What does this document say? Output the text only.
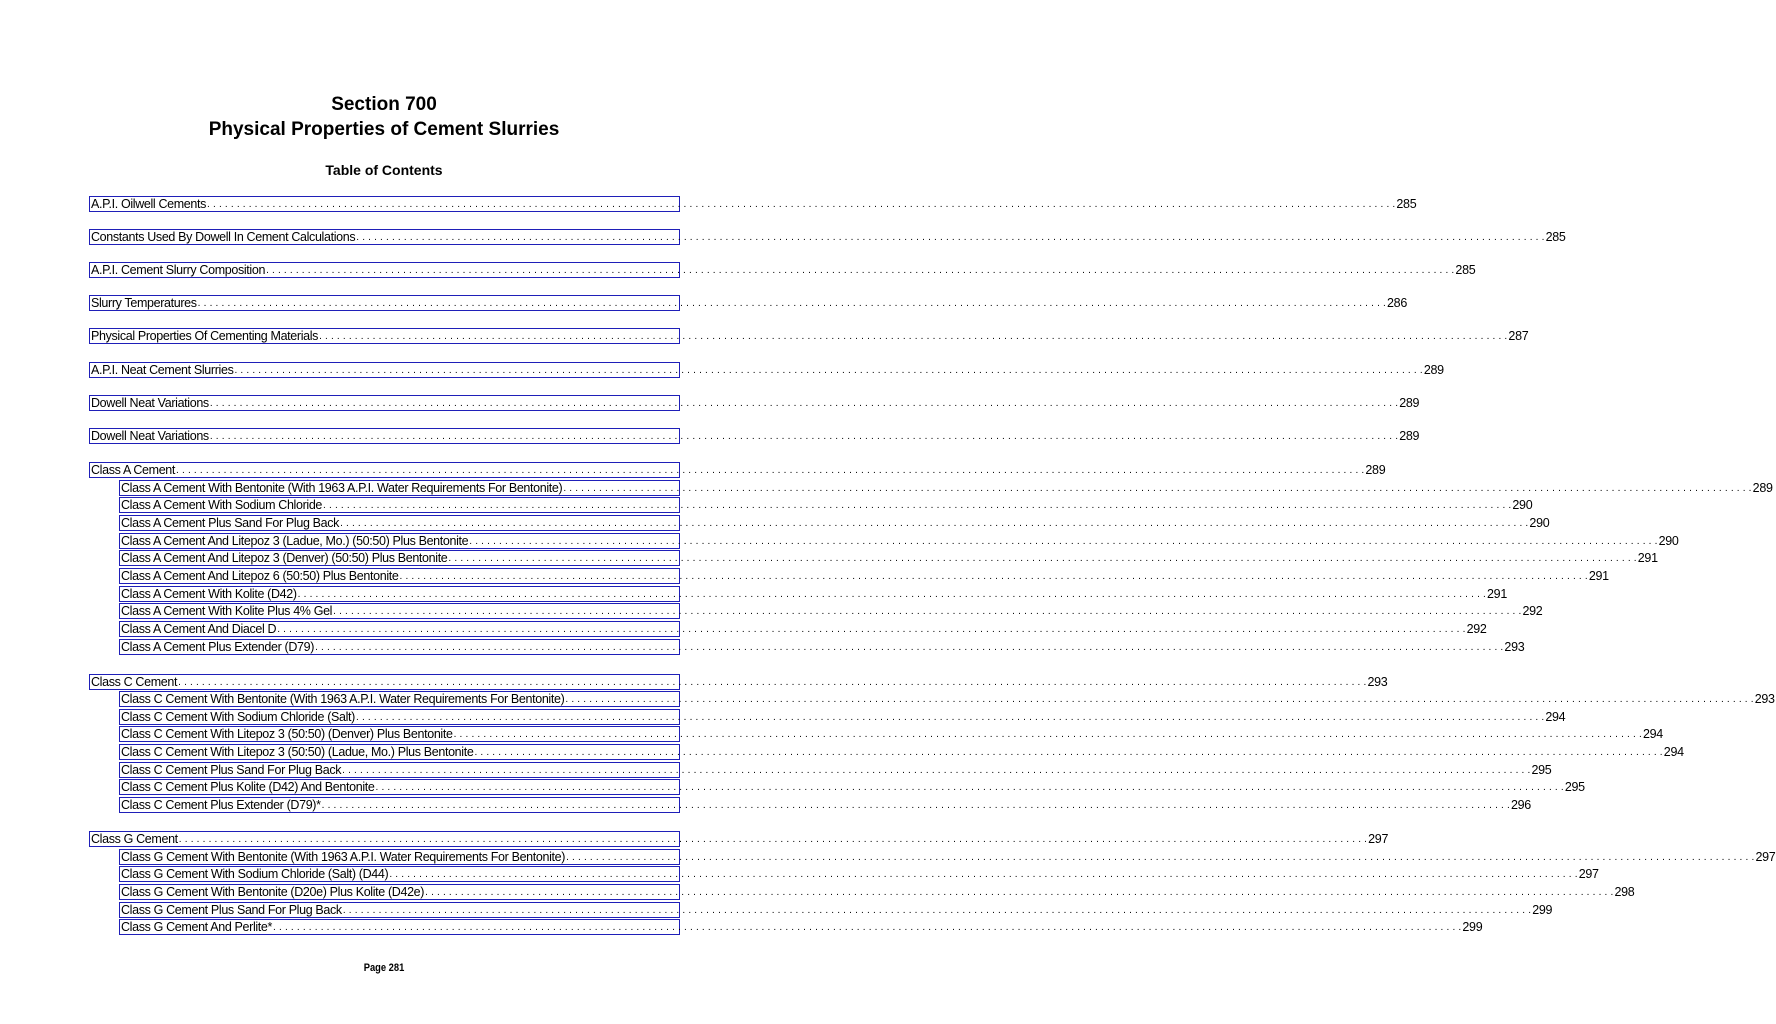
Section 700
Physical Properties of Cement Slurries
Table of Contents
A.P.I. Oilwell Cements . . . . . . . . . . . . . . . . . . . . . . . . . . . . . . . . . . . . . . . . . . . . . . . . . . . . . . . . . . . . . . . . . . . . . . . . . . . . . . . . . . . . . . . . . . . . . . . . . . . . . . . . . . . . . . . . . . . . . . . . . . . . . . . . . . . . . . . . . . . . . . . . . . . . . . . . . . . . . . . . . . . . . . . . . . . . . . . . . . . . . . . . . . . . . . . . . . . . . . . . 285
Constants Used By Dowell In Cement Calculations . . . . . . . . . . . . . . . . . . . . . . . . . . . . . . . . . . . . . . . . . . . . . . . . . . . . . . . . . . . . . . . . . . . . . . . . . . . . . . . . . . . . . . . . . . . . . . . . . . . . . . . . . . . . . . . . . . . . . . . . . . . . . . . . . . . . . . . . . . . . . . . . . . . . . . . . . . . . . . . . . . . . . . . . . . . . . . . . . . . . . . . . . . . . . . . . . . . . . . . . 285
A.P.I. Cement Slurry Composition . . . . . . . . . . . . . . . . . . . . . . . . . . . . . . . . . . . . . . . . . . . . . . . . . . . . . . . . . . . . . . . . . . . . . . . . . . . . . . . . . . . . . . . . . . . . . . . . . . . . . . . . . . . . . . . . . . . . . . . . . . . . . . . . . . . . . . . . . . . . . . . . . . . . . . . . . . . . . . . . . . . . . . . . . . . . . . . . . . . . . . . . . . . . . . . . . . . . . . . . 285
Slurry Temperatures . . . . . . . . . . . . . . . . . . . . . . . . . . . . . . . . . . . . . . . . . . . . . . . . . . . . . . . . . . . . . . . . . . . . . . . . . . . . . . . . . . . . . . . . . . . . . . . . . . . . . . . . . . . . . . . . . . . . . . . . . . . . . . . . . . . . . . . . . . . . . . . . . . . . . . . . . . . . . . . . . . . . . . . . . . . . . . . . . . . . . . . . . . . . . . . . . . . . . . . . 286
Physical Properties Of Cementing Materials . . . . . . . . . . . . . . . . . . . . . . . . . . . . . . . . . . . . . . . . . . . . . . . . . . . . . . . . . . . . . . . . . . . . . . . . . . . . . . . . . . . . . . . . . . . . . . . . . . . . . . . . . . . . . . . . . . . . . . . . . . . . . . . . . . . . . . . . . . . . . . . . . . . . . . . . . . . . . . . . . . . . . . . . . . . . . . . . . . . . . . . . . . . . . . . . . . . . . . . . 287
A.P.I. Neat Cement Slurries . . . . . . . . . . . . . . . . . . . . . . . . . . . . . . . . . . . . . . . . . . . . . . . . . . . . . . . . . . . . . . . . . . . . . . . . . . . . . . . . . . . . . . . . . . . . . . . . . . . . . . . . . . . . . . . . . . . . . . . . . . . . . . . . . . . . . . . . . . . . . . . . . . . . . . . . . . . . . . . . . . . . . . . . . . . . . . . . . . . . . . . . . . . . . . . . . . . . . . . . 289
Dowell Neat Variations . . . . . . . . . . . . . . . . . . . . . . . . . . . . . . . . . . . . . . . . . . . . . . . . . . . . . . . . . . . . . . . . . . . . . . . . . . . . . . . . . . . . . . . . . . . . . . . . . . . . . . . . . . . . . . . . . . . . . . . . . . . . . . . . . . . . . . . . . . . . . . . . . . . . . . . . . . . . . . . . . . . . . . . . . . . . . . . . . . . . . . . . . . . . . . . . . . . . . . . . 289
Dowell Neat Variations . . . . . . . . . . . . . . . . . . . . . . . . . . . . . . . . . . . . . . . . . . . . . . . . . . . . . . . . . . . . . . . . . . . . . . . . . . . . . . . . . . . . . . . . . . . . . . . . . . . . . . . . . . . . . . . . . . . . . . . . . . . . . . . . . . . . . . . . . . . . . . . . . . . . . . . . . . . . . . . . . . . . . . . . . . . . . . . . . . . . . . . . . . . . . . . . . . . . . . . . 289
Class A Cement . . . . . . . . . . . . . . . . . . . . . . . . . . . . . . . . . . . . . . . . . . . . . . . . . . . . . . . . . . . . . . . . . . . . . . . . . . . . . . . . . . . . . . . . . . . . . . . . . . . . . . . . . . . . . . . . . . . . . . . . . . . . . . . . . . . . . . . . . . . . . . . . . . . . . . . . . . . . . . . . . . . . . . . . . . . . . . . . . . . . . . . . . . . . . . . . . . . . . . . . 289
Class A Cement With Bentonite (With 1963 A.P.I. Water Requirements For Bentonite) . . . . . . . . . . . . . . . . . . . . . . . . . . . . . . . . . . . . . . . . . . . . . . . . . . . . . . . . . . . . . . . . . . . . . . . . . . . . . . . . . . . . . . . . . . . . . . . . . . . . . . . . . . . . . . . . . . . . . . . . . . . . . . . . . . . . . . . . . . . . . . . . . . . . . . . . . . . . . . . . . . . . . . . . . . . . . . . . . . . . . . . . . . . . . . . . . . . . . . . . 289
Class A Cement With Sodium Chloride . . . . . . . . . . . . . . . . . . . . . . . . . . . . . . . . . . . . . . . . . . . . . . . . . . . . . . . . . . . . . . . . . . . . . . . . . . . . . . . . . . . . . . . . . . . . . . . . . . . . . . . . . . . . . . . . . . . . . . . . . . . . . . . . . . . . . . . . . . . . . . . . . . . . . . . . . . . . . . . . . . . . . . . . . . . . . . . . . . . . . . . . . . . . . . . . . . . . . . . . 290
Class A Cement Plus Sand For Plug Back . . . . . . . . . . . . . . . . . . . . . . . . . . . . . . . . . . . . . . . . . . . . . . . . . . . . . . . . . . . . . . . . . . . . . . . . . . . . . . . . . . . . . . . . . . . . . . . . . . . . . . . . . . . . . . . . . . . . . . . . . . . . . . . . . . . . . . . . . . . . . . . . . . . . . . . . . . . . . . . . . . . . . . . . . . . . . . . . . . . . . . . . . . . . . . . . . . . . . . . . 290
Class A Cement And Litepoz 3 (Ladue, Mo.) (50:50) Plus Bentonite . . . . . . . . . . . . . . . . . . . . . . . . . . . . . . . . . . . . . . . . . . . . . . . . . . . . . . . . . . . . . . . . . . . . . . . . . . . . . . . . . . . . . . . . . . . . . . . . . . . . . . . . . . . . . . . . . . . . . . . . . . . . . . . . . . . . . . . . . . . . . . . . . . . . . . . . . . . . . . . . . . . . . . . . . . . . . . . . . . . . . . . . . . . . . . . . . . . . . . . . 290
Class A Cement And Litepoz 3 (Denver) (50:50) Plus Bentonite . . . . . . . . . . . . . . . . . . . . . . . . . . . . . . . . . . . . . . . . . . . . . . . . . . . . . . . . . . . . . . . . . . . . . . . . . . . . . . . . . . . . . . . . . . . . . . . . . . . . . . . . . . . . . . . . . . . . . . . . . . . . . . . . . . . . . . . . . . . . . . . . . . . . . . . . . . . . . . . . . . . . . . . . . . . . . . . . . . . . . . . . . . . . . . . . . . . . . . . . 291
Class A Cement And Litepoz 6 (50:50) Plus Bentonite . . . . . . . . . . . . . . . . . . . . . . . . . . . . . . . . . . . . . . . . . . . . . . . . . . . . . . . . . . . . . . . . . . . . . . . . . . . . . . . . . . . . . . . . . . . . . . . . . . . . . . . . . . . . . . . . . . . . . . . . . . . . . . . . . . . . . . . . . . . . . . . . . . . . . . . . . . . . . . . . . . . . . . . . . . . . . . . . . . . . . . . . . . . . . . . . . . . . . . . . 291
Class A Cement With Kolite (D42) . . . . . . . . . . . . . . . . . . . . . . . . . . . . . . . . . . . . . . . . . . . . . . . . . . . . . . . . . . . . . . . . . . . . . . . . . . . . . . . . . . . . . . . . . . . . . . . . . . . . . . . . . . . . . . . . . . . . . . . . . . . . . . . . . . . . . . . . . . . . . . . . . . . . . . . . . . . . . . . . . . . . . . . . . . . . . . . . . . . . . . . . . . . . . . . . . . . . . . . . 291
Class A Cement With Kolite Plus 4% Gel . . . . . . . . . . . . . . . . . . . . . . . . . . . . . . . . . . . . . . . . . . . . . . . . . . . . . . . . . . . . . . . . . . . . . . . . . . . . . . . . . . . . . . . . . . . . . . . . . . . . . . . . . . . . . . . . . . . . . . . . . . . . . . . . . . . . . . . . . . . . . . . . . . . . . . . . . . . . . . . . . . . . . . . . . . . . . . . . . . . . . . . . . . . . . . . . . . . . . . . . 292
Class A Cement And Diacel D . . . . . . . . . . . . . . . . . . . . . . . . . . . . . . . . . . . . . . . . . . . . . . . . . . . . . . . . . . . . . . . . . . . . . . . . . . . . . . . . . . . . . . . . . . . . . . . . . . . . . . . . . . . . . . . . . . . . . . . . . . . . . . . . . . . . . . . . . . . . . . . . . . . . . . . . . . . . . . . . . . . . . . . . . . . . . . . . . . . . . . . . . . . . . . . . . . . . . . . . 292
Class A Cement Plus Extender (D79) . . . . . . . . . . . . . . . . . . . . . . . . . . . . . . . . . . . . . . . . . . . . . . . . . . . . . . . . . . . . . . . . . . . . . . . . . . . . . . . . . . . . . . . . . . . . . . . . . . . . . . . . . . . . . . . . . . . . . . . . . . . . . . . . . . . . . . . . . . . . . . . . . . . . . . . . . . . . . . . . . . . . . . . . . . . . . . . . . . . . . . . . . . . . . . . . . . . . . . . . 293
Class C Cement . . . . . . . . . . . . . . . . . . . . . . . . . . . . . . . . . . . . . . . . . . . . . . . . . . . . . . . . . . . . . . . . . . . . . . . . . . . . . . . . . . . . . . . . . . . . . . . . . . . . . . . . . . . . . . . . . . . . . . . . . . . . . . . . . . . . . . . . . . . . . . . . . . . . . . . . . . . . . . . . . . . . . . . . . . . . . . . . . . . . . . . . . . . . . . . . . . . . . . . . 293
Class C Cement With Bentonite (With 1963 A.P.I. Water Requirements For Bentonite) . . . . . . . . . . . . . . . . . . . . . . . . . . . . . . . . . . . . . . . . . . . . . . . . . . . . . . . . . . . . . . . . . . . . . . . . . . . . . . . . . . . . . . . . . . . . . . . . . . . . . . . . . . . . . . . . . . . . . . . . . . . . . . . . . . . . . . . . . . . . . . . . . . . . . . . . . . . . . . . . . . . . . . . . . . . . . . . . . . . . . . . . . . . . . . . . . . . . . . . . 293
Class C Cement With Sodium Chloride (Salt) . . . . . . . . . . . . . . . . . . . . . . . . . . . . . . . . . . . . . . . . . . . . . . . . . . . . . . . . . . . . . . . . . . . . . . . . . . . . . . . . . . . . . . . . . . . . . . . . . . . . . . . . . . . . . . . . . . . . . . . . . . . . . . . . . . . . . . . . . . . . . . . . . . . . . . . . . . . . . . . . . . . . . . . . . . . . . . . . . . . . . . . . . . . . . . . . . . . . . . . . 294
Class C Cement With Litepoz 3 (50:50) (Denver) Plus Bentonite . . . . . . . . . . . . . . . . . . . . . . . . . . . . . . . . . . . . . . . . . . . . . . . . . . . . . . . . . . . . . . . . . . . . . . . . . . . . . . . . . . . . . . . . . . . . . . . . . . . . . . . . . . . . . . . . . . . . . . . . . . . . . . . . . . . . . . . . . . . . . . . . . . . . . . . . . . . . . . . . . . . . . . . . . . . . . . . . . . . . . . . . . . . . . . . . . . . . . . . . 294
Class C Cement With Litepoz 3 (50:50) (Ladue, Mo.) Plus Bentonite . . . . . . . . . . . . . . . . . . . . . . . . . . . . . . . . . . . . . . . . . . . . . . . . . . . . . . . . . . . . . . . . . . . . . . . . . . . . . . . . . . . . . . . . . . . . . . . . . . . . . . . . . . . . . . . . . . . . . . . . . . . . . . . . . . . . . . . . . . . . . . . . . . . . . . . . . . . . . . . . . . . . . . . . . . . . . . . . . . . . . . . . . . . . . . . . . . . . . . . . 294
Class C Cement Plus Sand For Plug Back . . . . . . . . . . . . . . . . . . . . . . . . . . . . . . . . . . . . . . . . . . . . . . . . . . . . . . . . . . . . . . . . . . . . . . . . . . . . . . . . . . . . . . . . . . . . . . . . . . . . . . . . . . . . . . . . . . . . . . . . . . . . . . . . . . . . . . . . . . . . . . . . . . . . . . . . . . . . . . . . . . . . . . . . . . . . . . . . . . . . . . . . . . . . . . . . . . . . . . . . 295
Class C Cement Plus Kolite (D42) And Bentonite . . . . . . . . . . . . . . . . . . . . . . . . . . . . . . . . . . . . . . . . . . . . . . . . . . . . . . . . . . . . . . . . . . . . . . . . . . . . . . . . . . . . . . . . . . . . . . . . . . . . . . . . . . . . . . . . . . . . . . . . . . . . . . . . . . . . . . . . . . . . . . . . . . . . . . . . . . . . . . . . . . . . . . . . . . . . . . . . . . . . . . . . . . . . . . . . . . . . . . . . 295
Class C Cement Plus Extender (D79)* . . . . . . . . . . . . . . . . . . . . . . . . . . . . . . . . . . . . . . . . . . . . . . . . . . . . . . . . . . . . . . . . . . . . . . . . . . . . . . . . . . . . . . . . . . . . . . . . . . . . . . . . . . . . . . . . . . . . . . . . . . . . . . . . . . . . . . . . . . . . . . . . . . . . . . . . . . . . . . . . . . . . . . . . . . . . . . . . . . . . . . . . . . . . . . . . . . . . . . . . 296
Class G Cement . . . . . . . . . . . . . . . . . . . . . . . . . . . . . . . . . . . . . . . . . . . . . . . . . . . . . . . . . . . . . . . . . . . . . . . . . . . . . . . . . . . . . . . . . . . . . . . . . . . . . . . . . . . . . . . . . . . . . . . . . . . . . . . . . . . . . . . . . . . . . . . . . . . . . . . . . . . . . . . . . . . . . . . . . . . . . . . . . . . . . . . . . . . . . . . . . . . . . . . . 297
Class G Cement With Bentonite (With 1963 A.P.I. Water Requirements For Bentonite) . . . . . . . . . . . . . . . . . . . . . . . . . . . . . . . . . . . . . . . . . . . . . . . . . . . . . . . . . . . . . . . . . . . . . . . . . . . . . . . . . . . . . . . . . . . . . . . . . . . . . . . . . . . . . . . . . . . . . . . . . . . . . . . . . . . . . . . . . . . . . . . . . . . . . . . . . . . . . . . . . . . . . . . . . . . . . . . . . . . . . . . . . . . . . . . . . . . . . . . . 297
Class G Cement With Sodium Chloride (Salt) (D44) . . . . . . . . . . . . . . . . . . . . . . . . . . . . . . . . . . . . . . . . . . . . . . . . . . . . . . . . . . . . . . . . . . . . . . . . . . . . . . . . . . . . . . . . . . . . . . . . . . . . . . . . . . . . . . . . . . . . . . . . . . . . . . . . . . . . . . . . . . . . . . . . . . . . . . . . . . . . . . . . . . . . . . . . . . . . . . . . . . . . . . . . . . . . . . . . . . . . . . . . 297
Class G Cement With Bentonite (D20e) Plus Kolite (D42e) . . . . . . . . . . . . . . . . . . . . . . . . . . . . . . . . . . . . . . . . . . . . . . . . . . . . . . . . . . . . . . . . . . . . . . . . . . . . . . . . . . . . . . . . . . . . . . . . . . . . . . . . . . . . . . . . . . . . . . . . . . . . . . . . . . . . . . . . . . . . . . . . . . . . . . . . . . . . . . . . . . . . . . . . . . . . . . . . . . . . . . . . . . . . . . . . . . . . . . . . 298
Class G Cement Plus Sand For Plug Back . . . . . . . . . . . . . . . . . . . . . . . . . . . . . . . . . . . . . . . . . . . . . . . . . . . . . . . . . . . . . . . . . . . . . . . . . . . . . . . . . . . . . . . . . . . . . . . . . . . . . . . . . . . . . . . . . . . . . . . . . . . . . . . . . . . . . . . . . . . . . . . . . . . . . . . . . . . . . . . . . . . . . . . . . . . . . . . . . . . . . . . . . . . . . . . . . . . . . . . . 299
Class G Cement And Perlite* . . . . . . . . . . . . . . . . . . . . . . . . . . . . . . . . . . . . . . . . . . . . . . . . . . . . . . . . . . . . . . . . . . . . . . . . . . . . . . . . . . . . . . . . . . . . . . . . . . . . . . . . . . . . . . . . . . . . . . . . . . . . . . . . . . . . . . . . . . . . . . . . . . . . . . . . . . . . . . . . . . . . . . . . . . . . . . . . . . . . . . . . . . . . . . . . . . . . . . . . 299
Page 281
